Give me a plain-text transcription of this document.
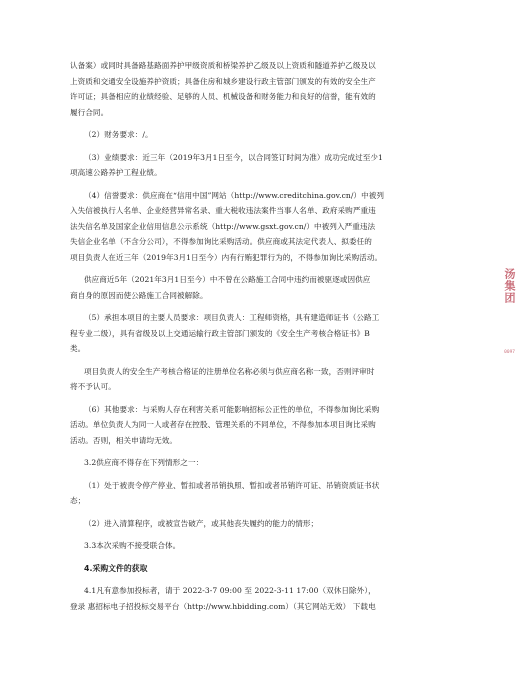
认备案）或同时具备路基路面养护甲级资质和桥梁养护乙级及以上资质和隧道养护乙级及以
上资质和交通安全设施养护资质；具备住房和城乡建设行政主管部门颁发的有效的安全生产
许可证；具备相应的业绩经验、足够的人员、机械设备和财务能力和良好的信誉，能有效的
履行合同。
（2）财务要求：/。
（3）业绩要求：近三年（2019年3月1日至今，以合同签订时间为准）成功完成过至少1
项高速公路养护工程业绩。
（4）信誉要求：供应商在“信用中国”网站（http://www.creditchina.gov.cn/）中被列
入失信被执行人名单、企业经营异常名录、重大税收违法案件当事人名单、政府采购严重违
法失信名单及国家企业信用信息公示系统（http://www.gsxt.gov.cn/）中被列入严重违法
失信企业名单（不含分公司），不得参加询比采购活动。供应商或其法定代表人、拟委任的
项目负责人在近三年（2019年3月1日至今）内有行贿犯罪行为的，不得参加询比采购活动。
供应商近5年（2021年3月1日至今）中不曾在公路施工合同中违约而被驱逐或因供应
商自身的原因而使公路施工合同被解除。
（5）承担本项目的主要人员要求：项目负责人：工程师资格，具有建造师证书（公路工
程专业二级），具有省级及以上交通运输行政主管部门颁发的《安全生产考核合格证书》B
类。
项目负责人的安全生产考核合格证的注册单位名称必须与供应商名称一致，否则评审时
将不予认可。
（6）其他要求：与采购人存在利害关系可能影响招标公正性的单位，不得参加询比采购
活动。单位负责人为同一人或者存在控股、管理关系的不同单位，不得参加本项目询比采购
活动。否则，相关申请均无效。
3.2供应商不得存在下列情形之一：
（1）处于被责令停产停业、暂扣或者吊销执照、暂扣或者吊销许可证、吊销资质证书状
态；
（2）进入清算程序，或被宣告破产，或其他丧失履约的能力的情形；
3.3本次采购不接受联合体。
4.采购文件的获取
4.1凡有意参加投标者，请于 2022-3-7 09:00 至 2022-3-11 17:00（双休日除外），
登录 惠招标电子招投标交易平台（http://www.hbidding.com）（其它网站无效） 下载电
汤集团
0097
